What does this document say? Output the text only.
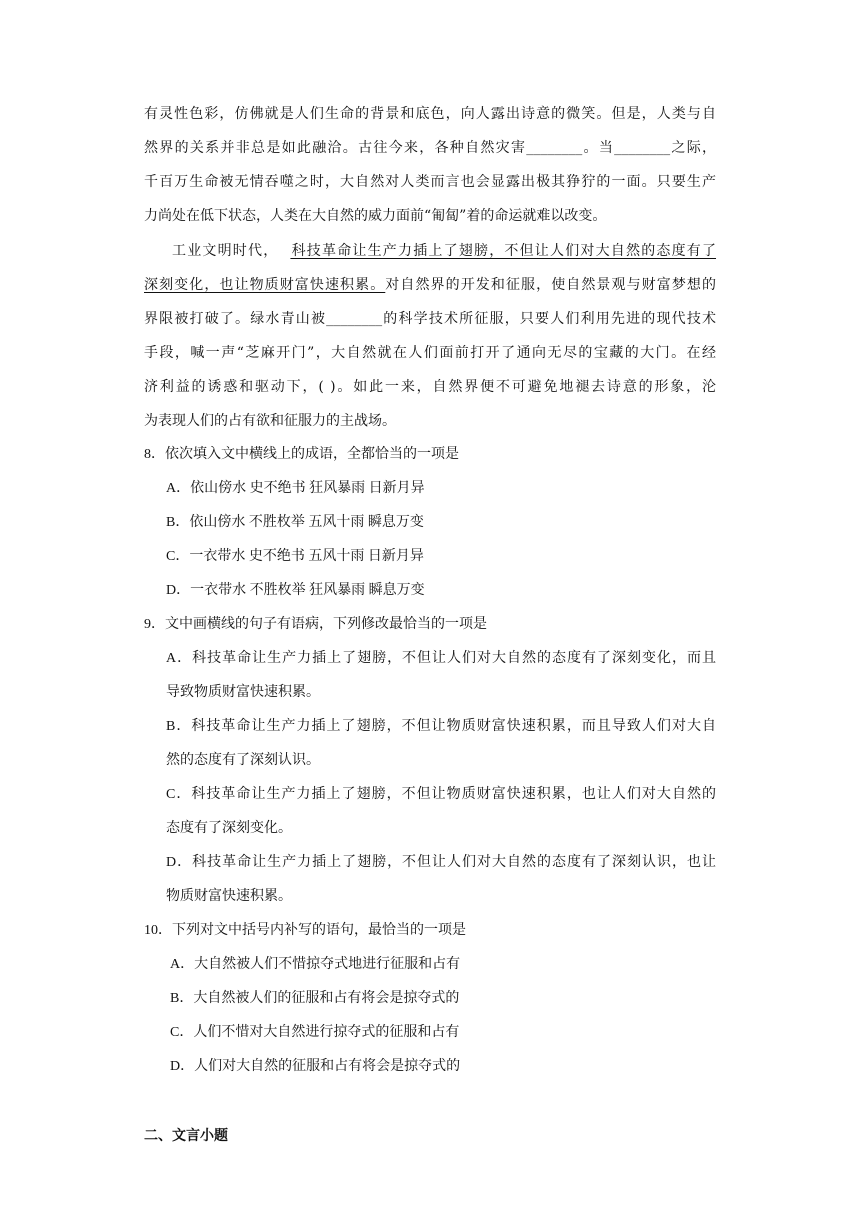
有灵性色彩，仿佛就是人们生命的背景和底色，向人露出诗意的微笑。但是，人类与自
然界的关系并非总是如此融洽。古往今来，各种自然灾害________。当________之际，
千百万生命被无情吞噬之时，大自然对人类而言也会显露出极其狰狞的一面。只要生产
力尚处在低下状态，人类在大自然的威力面前“匍匐”着的命运就难以改变。
工业文明时代， 科技革命让生产力插上了翅膀，不但让人们对大自然的态度有了
深刻变化，也让物质财富快速积累。对自然界的开发和征服，使自然景观与财富梦想的
界限被打破了。绿水青山被________的科学技术所征服，只要人们利用先进的现代技术
手段，喊一声“芝麻开门”，大自然就在人们面前打开了通向无尽的宝藏的大门。在经
济利益的诱惑和驱动下，( )。如此一来，自然界便不可避免地褪去诗意的形象，沦
为表现人们的占有欲和征服力的主战场。
8．依次填入文中横线上的成语，全都恰当的一项是
A．依山傍水 史不绝书 狂风暴雨 日新月异
B．依山傍水 不胜枚举 五风十雨 瞬息万变
C．一衣带水 史不绝书 五风十雨 日新月异
D．一衣带水 不胜枚举 狂风暴雨 瞬息万变
9．文中画横线的句子有语病，下列修改最恰当的一项是
A．科技革命让生产力插上了翅膀，不但让人们对大自然的态度有了深刻变化，而且
导致物质财富快速积累。
B．科技革命让生产力插上了翅膀，不但让物质财富快速积累，而且导致人们对大自
然的态度有了深刻认识。
C．科技革命让生产力插上了翅膀，不但让物质财富快速积累，也让人们对大自然的
态度有了深刻变化。
D．科技革命让生产力插上了翅膀，不但让人们对大自然的态度有了深刻认识，也让
物质财富快速积累。
10．下列对文中括号内补写的语句，最恰当的一项是
A．大自然被人们不惜掠夺式地进行征服和占有
B．大自然被人们的征服和占有将会是掠夺式的
C．人们不惜对大自然进行掠夺式的征服和占有
D．人们对大自然的征服和占有将会是掠夺式的
二、文言小题
